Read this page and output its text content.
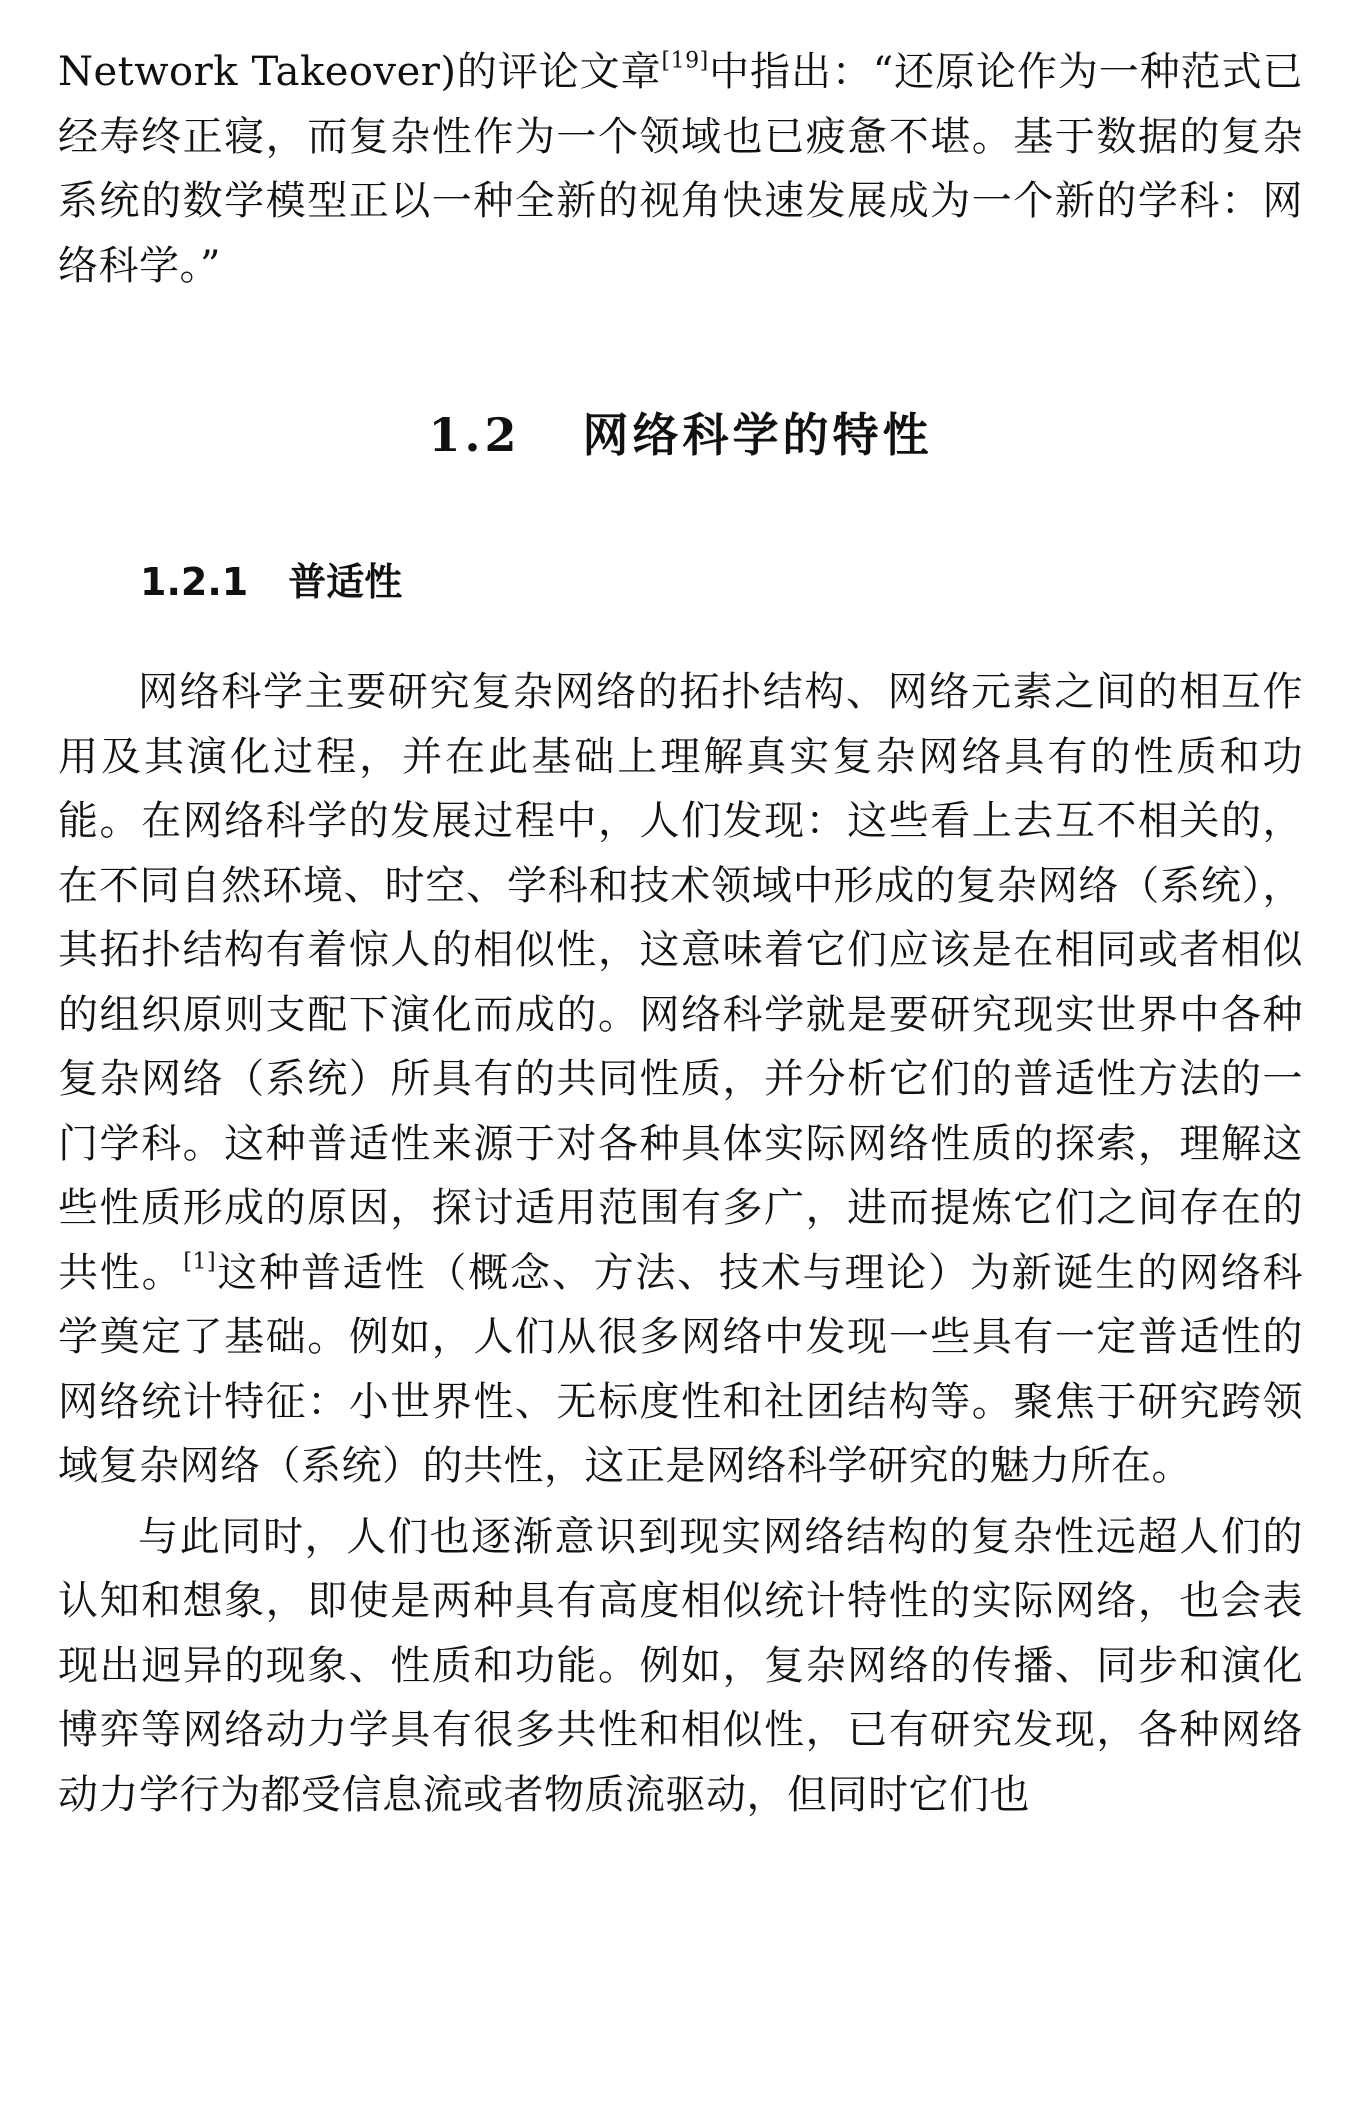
Network Takeover)的评论文章[19]中指出：“还原论作为一种范式已经寿终正寝，而复杂性作为一个领域也已疲惫不堪。基于数据的复杂系统的数学模型正以一种全新的视角快速发展成为一个新的学科：网络科学。”

1.2 网络科学的特性
1.2.1 普适性

网络科学主要研究复杂网络的拓扑结构、网络元素之间的相互作用及其演化过程，并在此基础上理解真实复杂网络具有的性质和功能。在网络科学的发展过程中，人们发现：这些看上去互不相关的，在不同自然环境、时空、学科和技术领域中形成的复杂网络（系统），其拓扑结构有着惊人的相似性，这意味着它们应该是在相同或者相似的组织原则支配下演化而成的。网络科学就是要研究现实世界中各种复杂网络（系统）所具有的共同性质，并分析它们的普适性方法的一门学科。这种普适性来源于对各种具体实际网络性质的探索，理解这些性质形成的原因，探讨适用范围有多广，进而提炼它们之间存在的共性。[1]这种普适性（概念、方法、技术与理论）为新诞生的网络科学奠定了基础。例如，人们从很多网络中发现一些具有一定普适性的网络统计特征：小世界性、无标度性和社团结构等。聚焦于研究跨领域复杂网络（系统）的共性，这正是网络科学研究的魅力所在。

与此同时，人们也逐渐意识到现实网络结构的复杂性远超人们的认知和想象，即使是两种具有高度相似统计特性的实际网络，也会表现出迥异的现象、性质和功能。例如，复杂网络的传播、同步和演化博弈等网络动力学具有很多共性和相似性，已有研究发现，各种网络动力学行为都受信息流或者物质流驱动，但同时它们也
